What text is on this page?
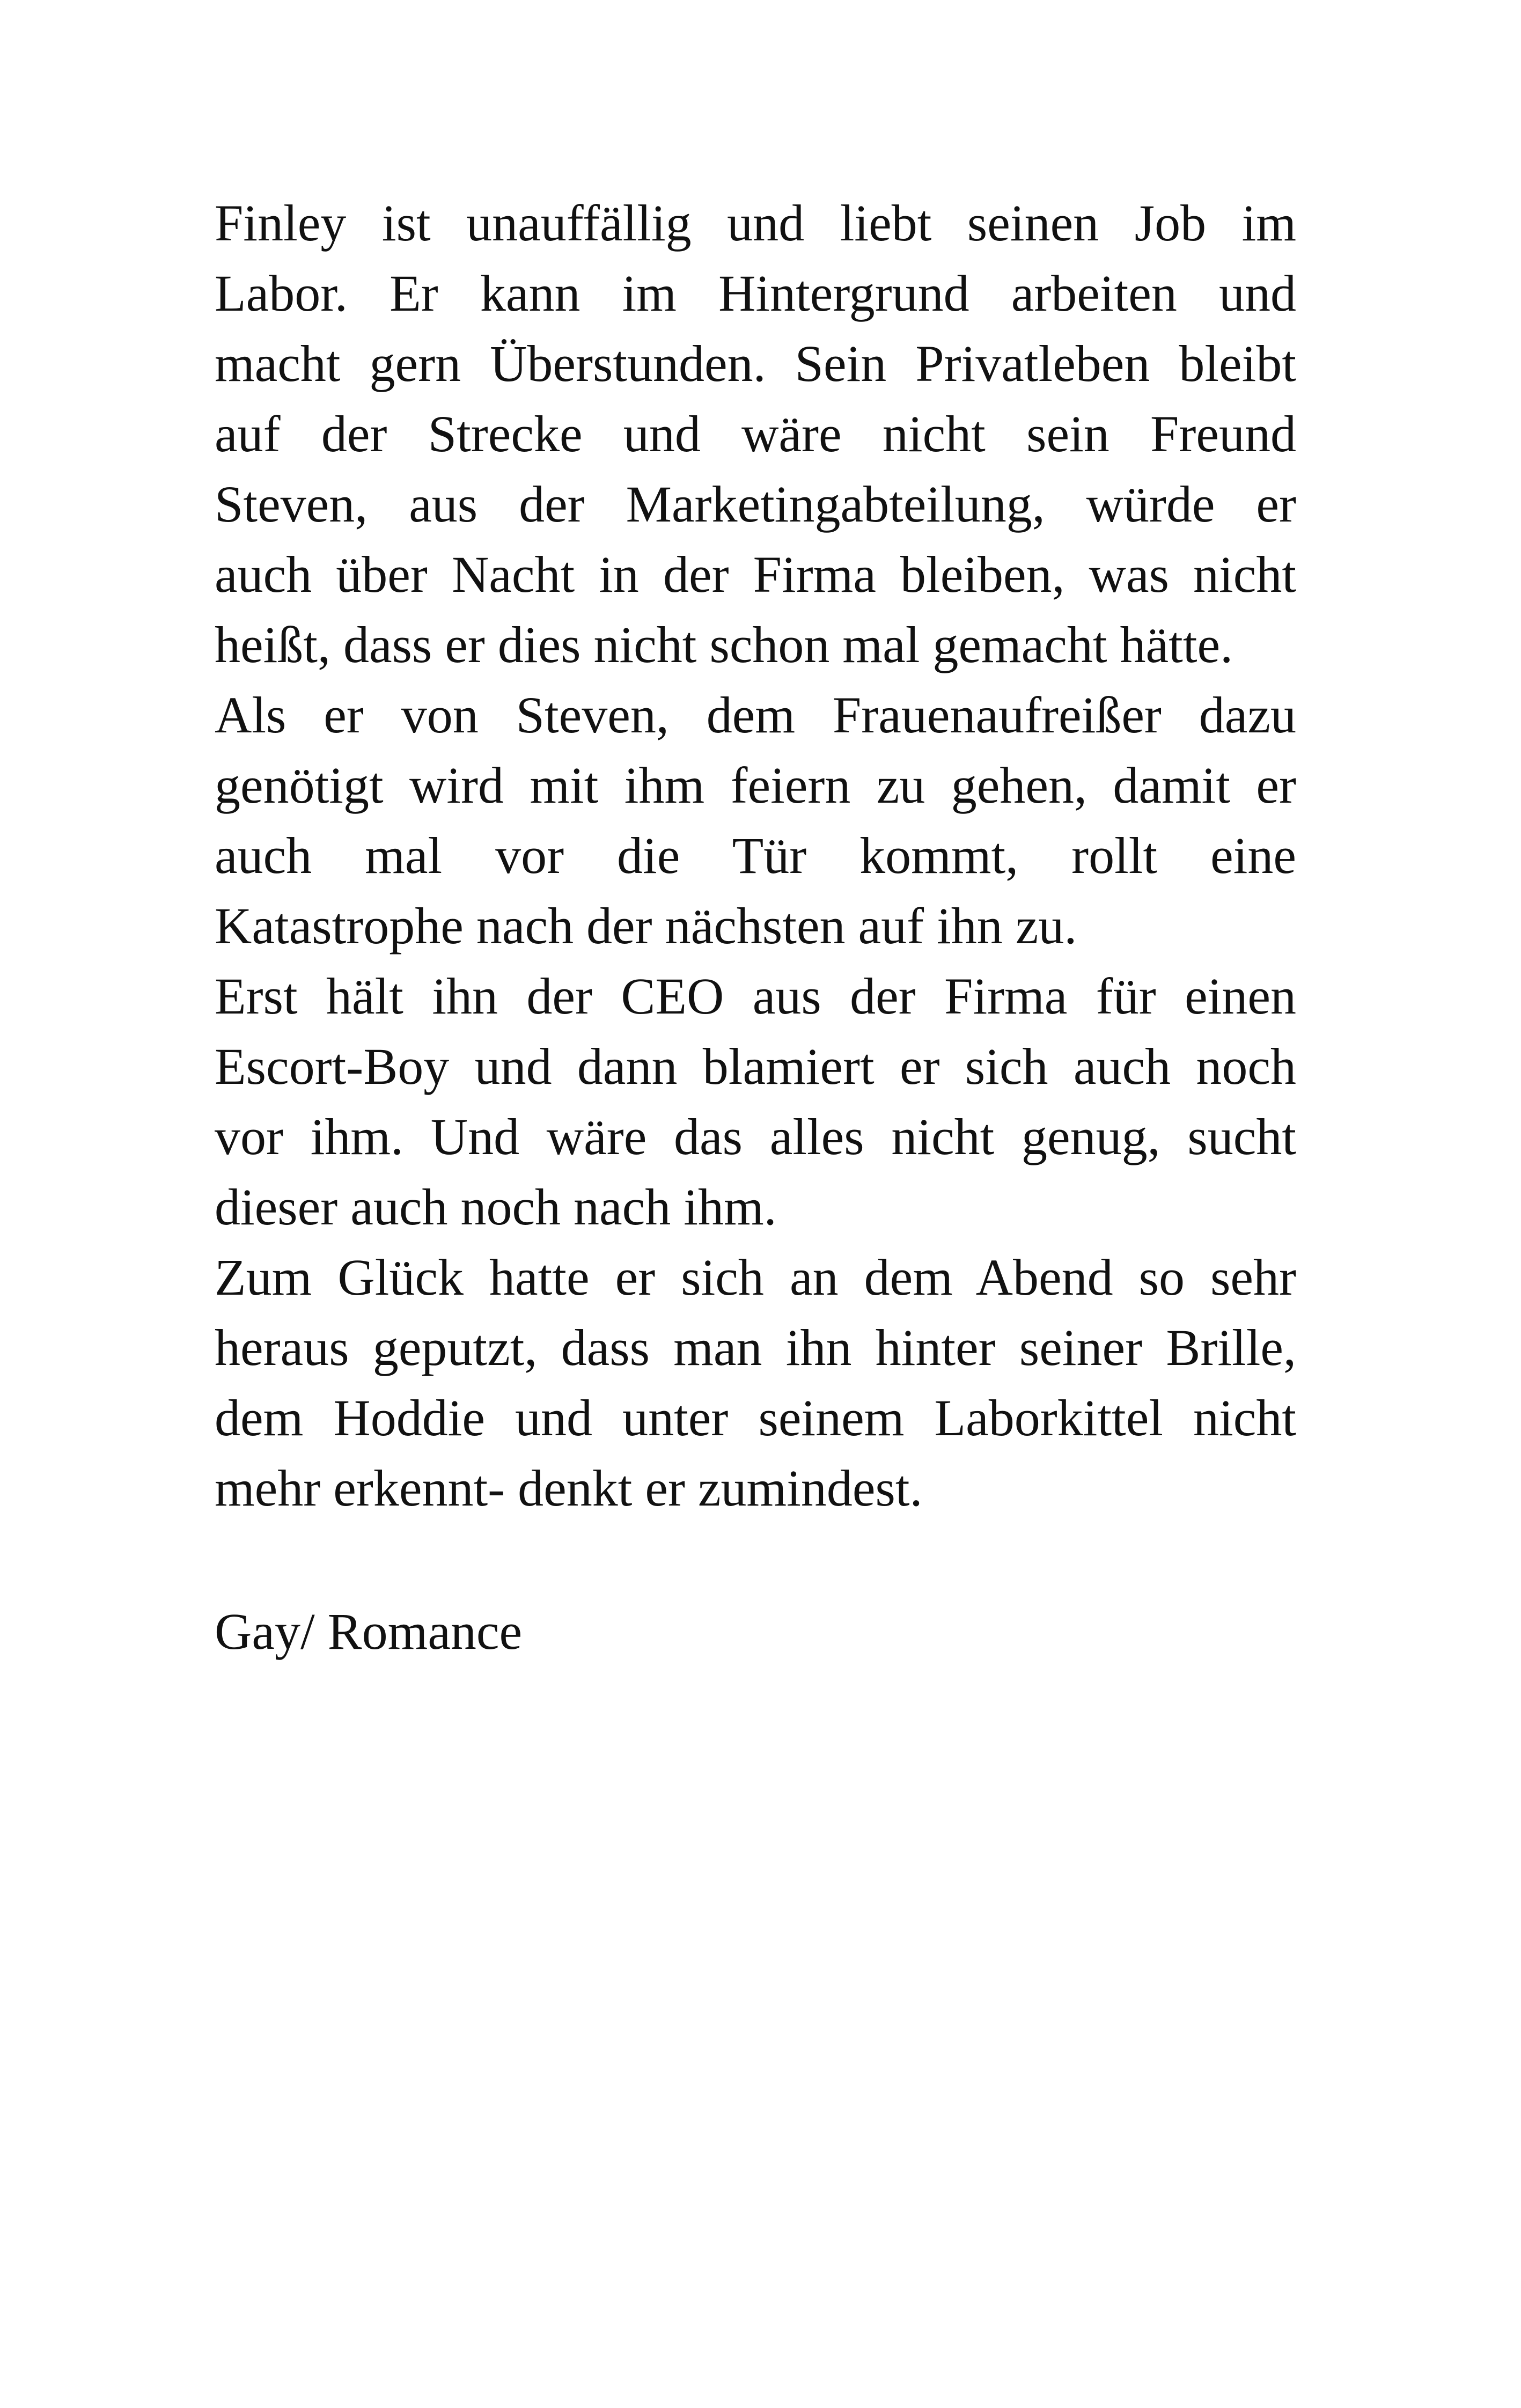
Finley ist unauffällig und liebt seinen Job im
Labor. Er kann im Hintergrund arbeiten und
macht gern Überstunden. Sein Privatleben bleibt
auf der Strecke und wäre nicht sein Freund
Steven, aus der Marketingabteilung, würde er
auch über Nacht in der Firma bleiben, was nicht
heißt, dass er dies nicht schon mal gemacht hätte.
Als er von Steven, dem Frauenaufreißer dazu
genötigt wird mit ihm feiern zu gehen, damit er
auch mal vor die Tür kommt, rollt eine
Katastrophe nach der nächsten auf ihn zu.
Erst hält ihn der CEO aus der Firma für einen
Escort-Boy und dann blamiert er sich auch noch
vor ihm. Und wäre das alles nicht genug, sucht
dieser auch noch nach ihm.
Zum Glück hatte er sich an dem Abend so sehr
heraus geputzt, dass man ihn hinter seiner Brille,
dem Hoddie und unter seinem Laborkittel nicht
mehr erkennt- denkt er zumindest.
Gay/ Romance
